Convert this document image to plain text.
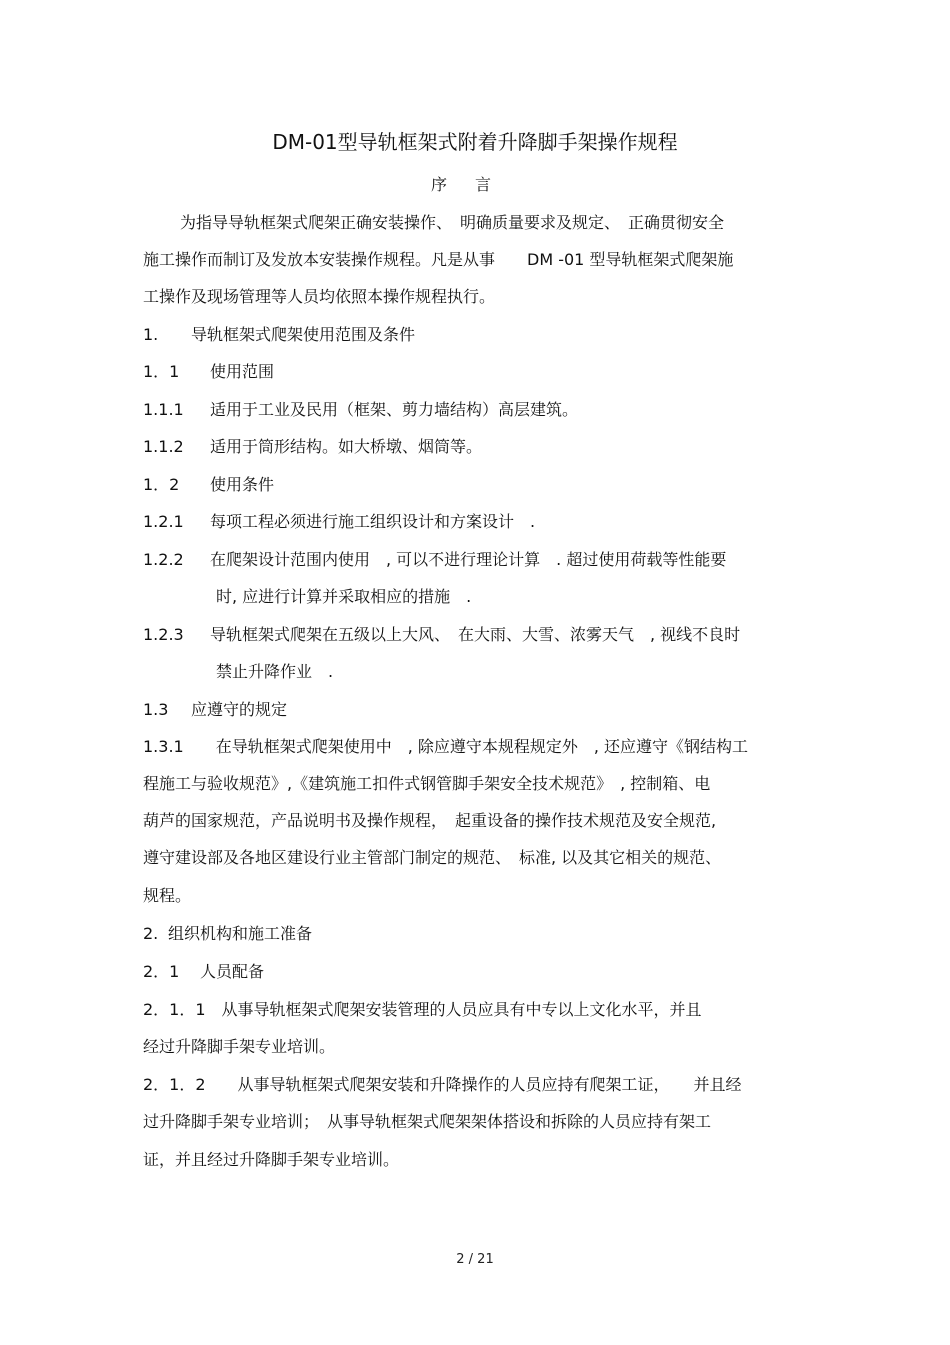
DM-01型导轨框架式附着升降脚手架操作规程
序言
为指导导轨框架式爬架正确安装操作、　明确质量要求及规定、　正确贯彻安全
施工操作而制订及发放本安装操作规程。凡是从事　　DM -01 型导轨框架式爬架施
工操作及现场管理等人员均依照本操作规程执行。
1. 导轨框架式爬架使用范围及条件
1．1 使用范围
1.1.1 适用于工业及民用（框架、剪力墙结构）高层建筑。
1.1.2 适用于筒形结构。如大桥墩、烟筒等。
1．2 使用条件
1.2.1 每项工程必须进行施工组织设计和方案设计　.
1.2.2 在爬架设计范围内使用　, 可以不进行理论计算　. 超过使用荷载等性能要
时, 应进行计算并采取相应的措施　.
1.2.3 导轨框架式爬架在五级以上大风、　在大雨、大雪、浓雾天气　, 视线不良时
禁止升降作业　.
1.3 应遵守的规定
1.3.1　　在导轨框架式爬架使用中　, 除应遵守本规程规定外　, 还应遵守《钢结构工
程施工与验收规范》,《建筑施工扣件式钢管脚手架安全技术规范》　, 控制箱、电
葫芦的国家规范，产品说明书及操作规程，　起重设备的操作技术规范及安全规范,
遵守建设部及各地区建设行业主管部门制定的规范、　标准, 以及其它相关的规范、
规程。
2. 组织机构和施工准备
2．1 人员配备
2．1．1　从事导轨框架式爬架安装管理的人员应具有中专以上文化水平，并且
经过升降脚手架专业培训。
2．1．2　　从事导轨框架式爬架安装和升降操作的人员应持有爬架工证，　　并且经
过升降脚手架专业培训；　从事导轨框架式爬架架体搭设和拆除的人员应持有架工
证，并且经过升降脚手架专业培训。
2 / 21
